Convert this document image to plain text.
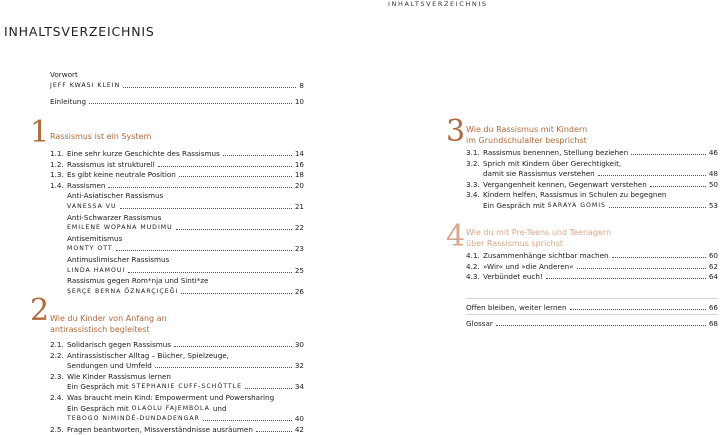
INHALTSVERZEICHNIS
INHALTSVERZEICHNIS
Vorwort
JEFF KWASI KLEIN	8
Einleitung	10
1 Rassismus ist ein System
1.1. Eine sehr kurze Geschichte des Rassismus	14
1.2. Rassismus ist strukturell	16
1.3. Es gibt keine neutrale Position	18
1.4. Rassismen	20
Anti-Asiatischer Rassismus
VANESSA VU	21
Anti-Schwarzer Rassismus
EMILENE WOPANA MUDIMU	22
Antisemitismus
MONTY OTT	23
Antimuslimischer Rassismus
LINDA HAMOUI	25
Rassismus gegen Rom*nja und Sinti*ze
ŞERÇE BERNA ÖZNARÇIÇEĞI	26
2 Wie du Kinder von Anfang an
antirassistisch begleitest
2.1. Solidarisch gegen Rassismus	30
2.2. Antirassistischer Alltag – Bücher, Spielzeuge,
Sendungen und Umfeld	32
2.3. Wie Kinder Rassismus lernen
Ein Gespräch mit STEPHANIE CUFF-SCHÖTTLE	34
2.4. Was braucht mein Kind: Empowerment und Powersharing
Ein Gespräch mit OLAOLU FAJEMBOLA und
TEBOGO NIMINDÉ-DUNDADENGAR	40
2.5. Fragen beantworten, Missverständnisse ausräumen	42
3 Wie du Rassismus mit Kindern
im Grundschulalter besprichst
3.1. Rassismus benennen, Stellung beziehen	46
3.2. Sprich mit Kindern über Gerechtigkeit,
damit sie Rassismus verstehen	48
3.3. Vergangenheit kennen, Gegenwart verstehen	50
3.4. Kindern helfen, Rassismus in Schulen zu begegnen
Ein Gespräch mit SARAYA GOMIS	53
4 Wie du mit Pre-Teens und Teenagern
über Rassismus sprichst
4.1. Zusammenhänge sichtbar machen	60
4.2. »Wir« und »die Anderen«	62
4.3. Verbündet euch!	64
Offen bleiben, weiter lernen	66
Glossar	68
